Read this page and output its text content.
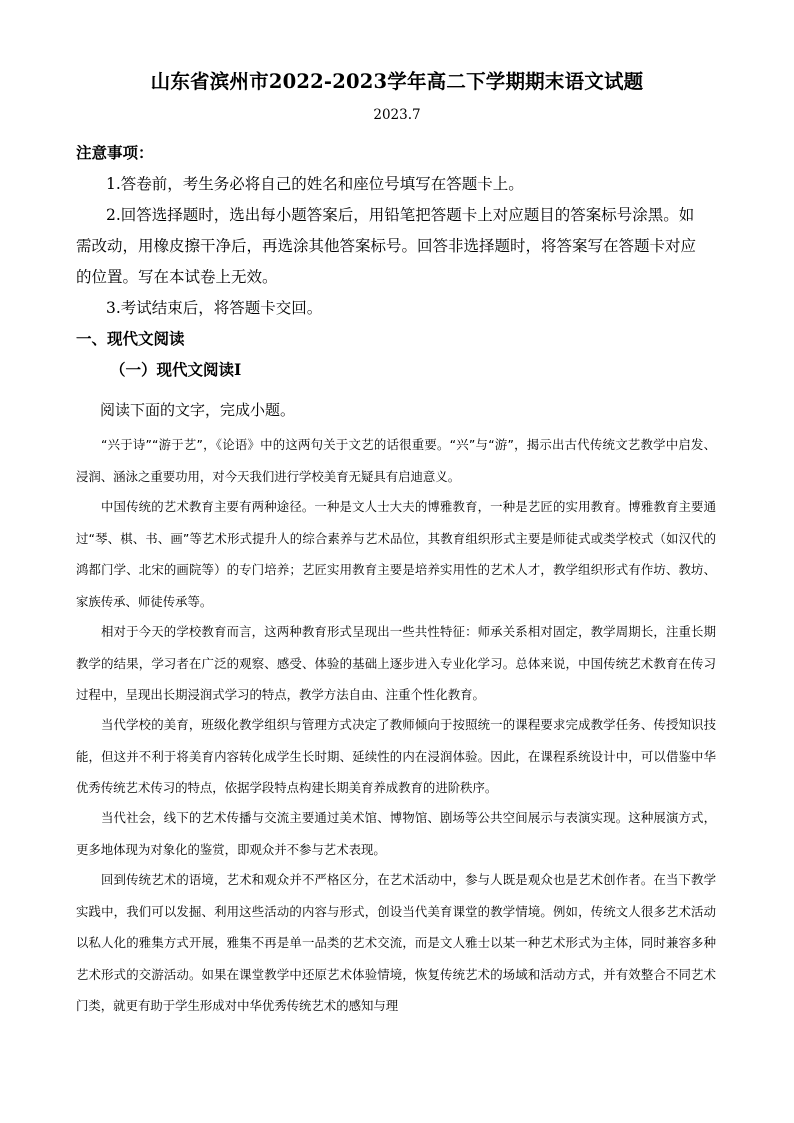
山东省滨州市2022-2023学年高二下学期期末语文试题
2023.7
注意事项：
1.答卷前，考生务必将自己的姓名和座位号填写在答题卡上。
2.回答选择题时，选出每小题答案后，用铅笔把答题卡上对应题目的答案标号涂黑。如
需改动，用橡皮擦干净后，再选涂其他答案标号。回答非选择题时，将答案写在答题卡对应
的位置。写在本试卷上无效。
3.考试结束后，将答题卡交回。
一、现代文阅读
（一）现代文阅读Ⅰ
阅读下面的文字，完成小题。
“兴于诗”“游于艺”，《论语》中的这两句关于文艺的话很重要。“兴”与“游”，揭示出古代传统文艺教学中启发、浸润、涵泳之重要功用，对今天我们进行学校美育无疑具有启迪意义。
中国传统的艺术教育主要有两种途径。一种是文人士大夫的博雅教育，一种是艺匠的实用教育。博雅教育主要通过“琴、棋、书、画”等艺术形式提升人的综合素养与艺术品位，其教育组织形式主要是师徒式或类学校式（如汉代的鸿都门学、北宋的画院等）的专门培养；艺匠实用教育主要是培养实用性的艺术人才，教学组织形式有作坊、教坊、家族传承、师徒传承等。
相对于今天的学校教育而言，这两种教育形式呈现出一些共性特征：师承关系相对固定，教学周期长，注重长期教学的结果，学习者在广泛的观察、感受、体验的基础上逐步进入专业化学习。总体来说，中国传统艺术教育在传习过程中，呈现出长期浸润式学习的特点，教学方法自由、注重个性化教育。
当代学校的美育，班级化教学组织与管理方式决定了教师倾向于按照统一的课程要求完成教学任务、传授知识技能，但这并不利于将美育内容转化成学生长时期、延续性的内在浸润体验。因此，在课程系统设计中，可以借鉴中华优秀传统艺术传习的特点，依据学段特点构建长期美育养成教育的进阶秩序。
当代社会，线下的艺术传播与交流主要通过美术馆、博物馆、剧场等公共空间展示与表演实现。这种展演方式，更多地体现为对象化的鉴赏，即观众并不参与艺术表现。
回到传统艺术的语境，艺术和观众并不严格区分，在艺术活动中，参与人既是观众也是艺术创作者。在当下教学实践中，我们可以发掘、利用这些活动的内容与形式，创设当代美育课堂的教学情境。例如，传统文人很多艺术活动以私人化的雅集方式开展，雅集不再是单一品类的艺术交流，而是文人雅士以某一种艺术形式为主体，同时兼容多种艺术形式的交游活动。如果在课堂教学中还原艺术体验情境，恢复传统艺术的场域和活动方式，并有效整合不同艺术门类，就更有助于学生形成对中华优秀传统艺术的感知与理
